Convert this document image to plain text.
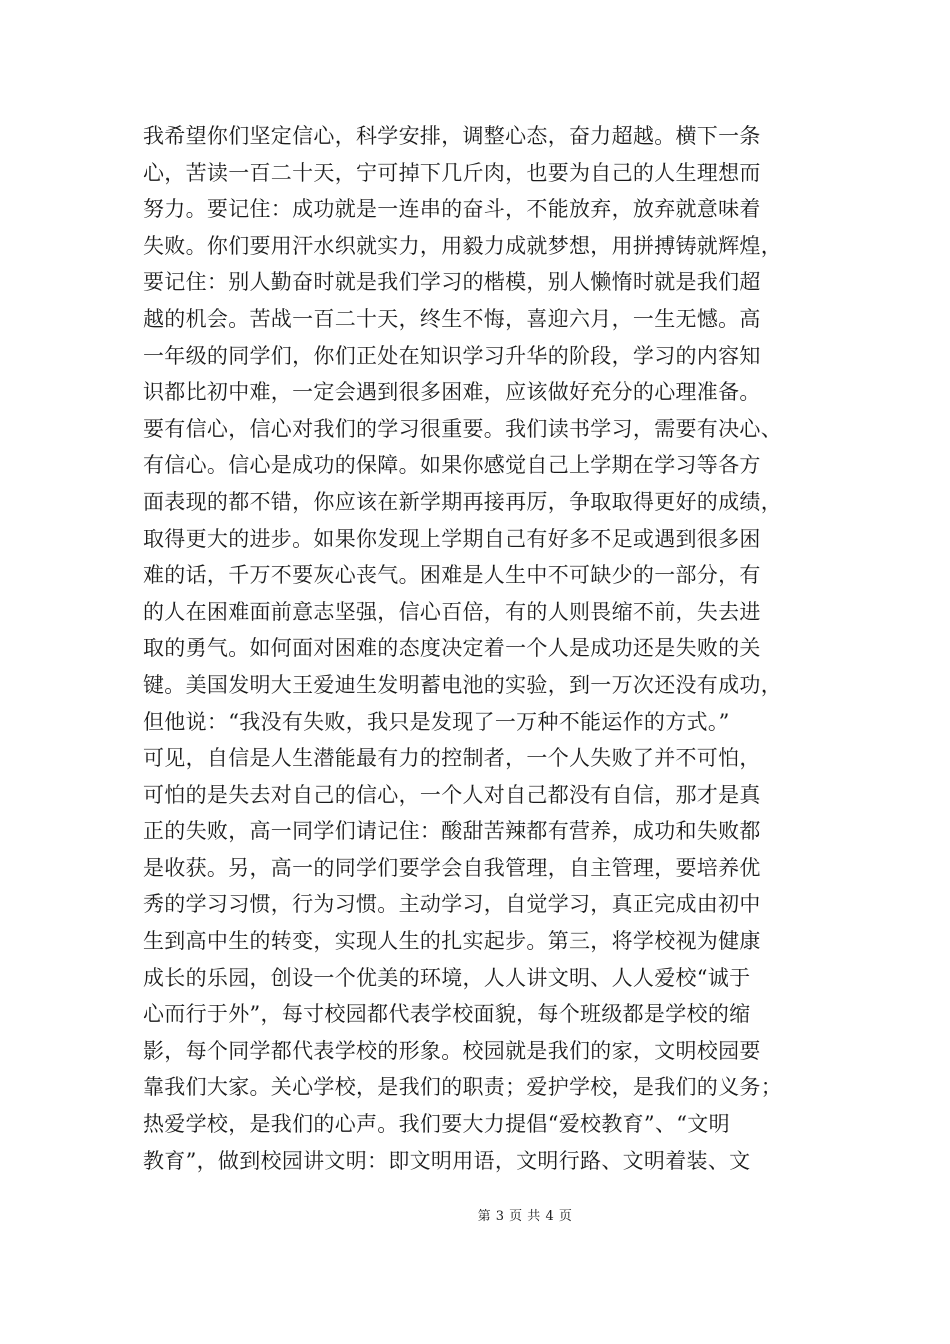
我希望你们坚定信心，科学安排，调整心态，奋力超越。横下一条
心，苦读一百二十天，宁可掉下几斤肉，也要为自己的人生理想而
努力。要记住：成功就是一连串的奋斗，不能放弃，放弃就意味着
失败。你们要用汗水织就实力，用毅力成就梦想，用拼搏铸就辉煌，
要记住：别人勤奋时就是我们学习的楷模，别人懒惰时就是我们超
越的机会。苦战一百二十天，终生不悔，喜迎六月，一生无憾。高
一年级的同学们，你们正处在知识学习升华的阶段，学习的内容知
识都比初中难，一定会遇到很多困难，应该做好充分的心理准备。
要有信心，信心对我们的学习很重要。我们读书学习，需要有决心、
有信心。信心是成功的保障。如果你感觉自己上学期在学习等各方
面表现的都不错，你应该在新学期再接再厉，争取取得更好的成绩，
取得更大的进步。如果你发现上学期自己有好多不足或遇到很多困
难的话，千万不要灰心丧气。困难是人生中不可缺少的一部分，有
的人在困难面前意志坚强，信心百倍，有的人则畏缩不前，失去进
取的勇气。如何面对困难的态度决定着一个人是成功还是失败的关
键。美国发明大王爱迪生发明蓄电池的实验，到一万次还没有成功，
但他说：“我没有失败，我只是发现了一万种不能运作的方式。”
可见，自信是人生潜能最有力的控制者，一个人失败了并不可怕，
可怕的是失去对自己的信心，一个人对自己都没有自信，那才是真
正的失败，高一同学们请记住：酸甜苦辣都有营养，成功和失败都
是收获。另，高一的同学们要学会自我管理，自主管理，要培养优
秀的学习习惯，行为习惯。主动学习，自觉学习，真正完成由初中
生到高中生的转变，实现人生的扎实起步。第三，将学校视为健康
成长的乐园，创设一个优美的环境，人人讲文明、人人爱校“诚于
心而行于外”，每寸校园都代表学校面貌，每个班级都是学校的缩
影，每个同学都代表学校的形象。校园就是我们的家，文明校园要
靠我们大家。关心学校，是我们的职责；爱护学校，是我们的义务；
热爱学校，是我们的心声。我们要大力提倡“爱校教育”、“文明
教育”，做到校园讲文明：即文明用语，文明行路、文明着装、文
第 3 页 共 4 页
